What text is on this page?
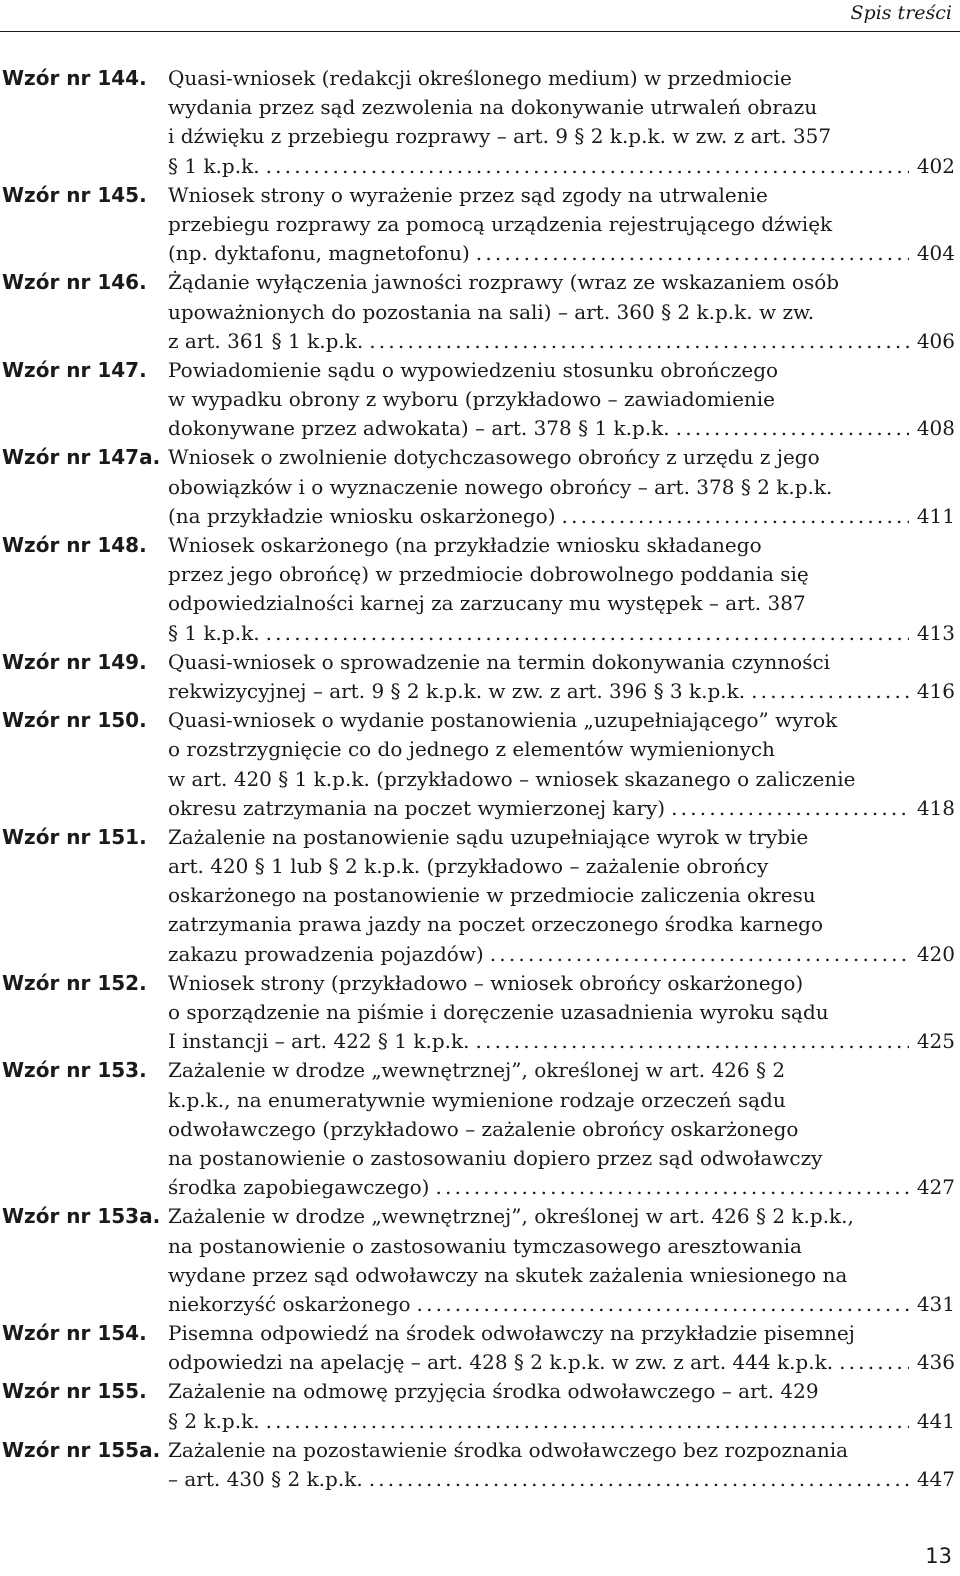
Spis treści
Wzór nr 144.	Quasi-wniosek (redakcji określonego medium) w przedmiocie
wydania przez sąd zezwolenia na dokonywanie utrwaleń obrazu
i dźwięku z przebiegu rozprawy – art. 9 § 2 k.p.k. w zw. z art. 357
§ 1 k.p.k. .....	402
Wzór nr 145.	Wniosek strony o wyrażenie przez sąd zgody na utrwalenie
przebiegu rozprawy za pomocą urządzenia rejestrującego dźwięk
(np. dyktafonu, magnetofonu) .....	404
Wzór nr 146.	Żądanie wyłączenia jawności rozprawy (wraz ze wskazaniem osób
upoważnionych do pozostania na sali) – art. 360 § 2 k.p.k. w zw.
z art. 361 § 1 k.p.k. .....	406
Wzór nr 147.	Powiadomienie sądu o wypowiedzeniu stosunku obrończego
w wypadku obrony z wyboru (przykładowo – zawiadomienie
dokonywane przez adwokata) – art. 378 § 1 k.p.k. .....	408
Wzór nr 147a. Wniosek o zwolnienie dotychczasowego obrońcy z urzędu z jego
obowiązków i o wyznaczenie nowego obrońcy – art. 378 § 2 k.p.k.
(na przykładzie wniosku oskarżonego) .....	411
Wzór nr 148.	Wniosek oskarżonego (na przykładzie wniosku składanego
przez jego obrońcę) w przedmiocie dobrowolnego poddania się
odpowiedzialności karnej za zarzucany mu występek – art. 387
§ 1 k.p.k. .....	413
Wzór nr 149.	Quasi-wniosek o sprowadzenie na termin dokonywania czynności
rekwizycyjnej – art. 9 § 2 k.p.k. w zw. z art. 396 § 3 k.p.k. .....	416
Wzór nr 150.	Quasi-wniosek o wydanie postanowienia „uzupełniającego” wyrok
o rozstrzygnięcie co do jednego z elementów wymienionych
w art. 420 § 1 k.p.k. (przykładowo – wniosek skazanego o zaliczenie
okresu zatrzymania na poczet wymierzonej kary) .....	418
Wzór nr 151.	Zażalenie na postanowienie sądu uzupełniające wyrok w trybie
art. 420 § 1 lub § 2 k.p.k. (przykładowo – zażalenie obrońcy
oskarżonego na postanowienie w przedmiocie zaliczenia okresu
zatrzymania prawa jazdy na poczet orzeczonego środka karnego
zakazu prowadzenia pojazdów) .....	420
Wzór nr 152.	Wniosek strony (przykładowo – wniosek obrońcy oskarżonego)
o sporządzenie na piśmie i doręczenie uzasadnienia wyroku sądu
I instancji – art. 422 § 1 k.p.k. .....	425
Wzór nr 153.	Zażalenie w drodze „wewnętrznej”, określonej w art. 426 § 2
k.p.k., na enumeratywnie wymienione rodzaje orzeczeń sądu
odwoławczego (przykładowo – zażalenie obrońcy oskarżonego
na postanowienie o zastosowaniu dopiero przez sąd odwoławczy
środka zapobiegawczego) .....	427
Wzór nr 153a. Zażalenie w drodze „wewnętrznej”, określonej w art. 426 § 2 k.p.k.,
na postanowienie o zastosowaniu tymczasowego aresztowania
wydane przez sąd odwoławczy na skutek zażalenia wniesionego na
niekorzyść oskarżonego .....	431
Wzór nr 154.	Pisemna odpowiedź na środek odwoławczy na przykładzie pisemnej
odpowiedzi na apelację – art. 428 § 2 k.p.k. w zw. z art. 444 k.p.k. .....	436
Wzór nr 155.	Zażalenie na odmowę przyjęcia środka odwoławczego – art. 429
§ 2 k.p.k. .....	441
Wzór nr 155a. Zażalenie na pozostawienie środka odwoławczego bez rozpoznania
– art. 430 § 2 k.p.k. .....	447
13
